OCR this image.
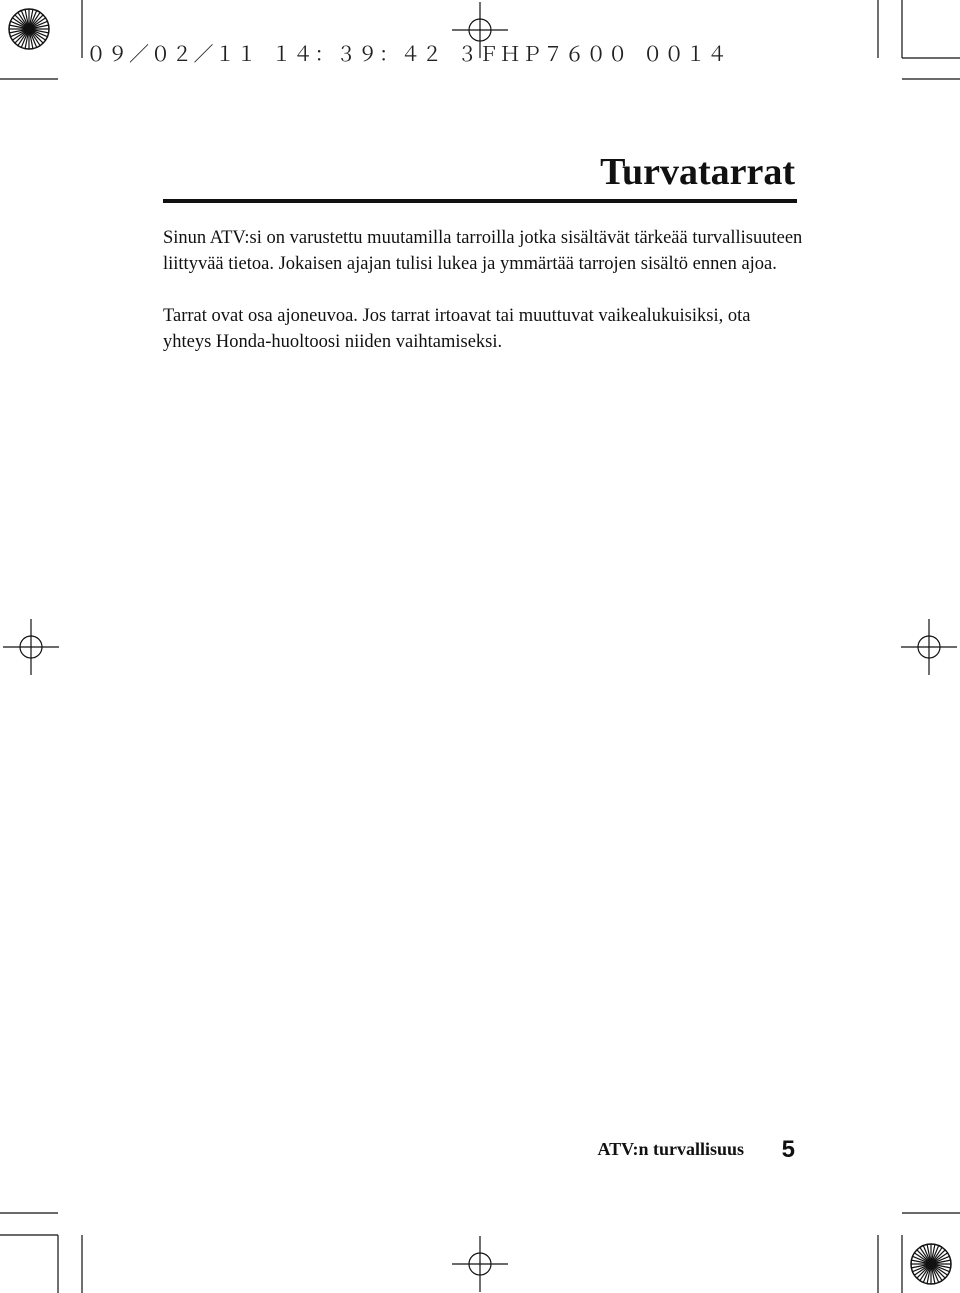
０９／０２／１１ １４：３９：４２ ３ＦＨＰ７６００ ００１４

Turvatarrat

Sinun ATV:si on varustettu muutamilla tarroilla jotka sisältävät tärkeää turvallisuuteen liittyvää tietoa. Jokaisen ajajan tulisi lukea ja ymmärtää tarrojen sisältö ennen ajoa.

Tarrat ovat osa ajoneuvoa. Jos tarrat irtoavat tai muuttuvat vaikealukuisiksi, ota yhteys Honda-huoltoosi niiden vaihtamiseksi.

ATV:n turvallisuus 5
